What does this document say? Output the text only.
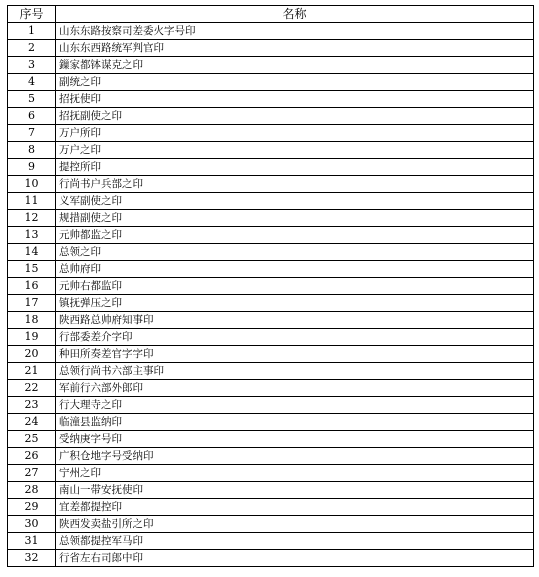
序号	名称
1	山东东路按察司差委火字号印
2	山东东西路统军判官印
3	鏁家都钵谋克之印
4	副统之印
5	招抚使印
6	招抚副使之印
7	万户所印
8	万户之印
9	提控所印
10	行尚书户兵部之印
11	义军副使之印
12	规措副使之印
13	元帅都监之印
14	总领之印
15	总帅府印
16	元帅右都监印
17	镇抚弹压之印
18	陕西路总帅府知事印
19	行部委差介字印
20	种田所奏差官字字印
21	总领行尚书六部主事印
22	军前行六部外郎印
23	行大理寺之印
24	临潼县监纳印
25	受纳庚字号印
26	广积仓地字号受纳印
27	宁州之印
28	南山一带安抚使印
29	宜差都提控印
30	陕西发卖盐引所之印
31	总领都提控军马印
32	行省左右司郎中印
